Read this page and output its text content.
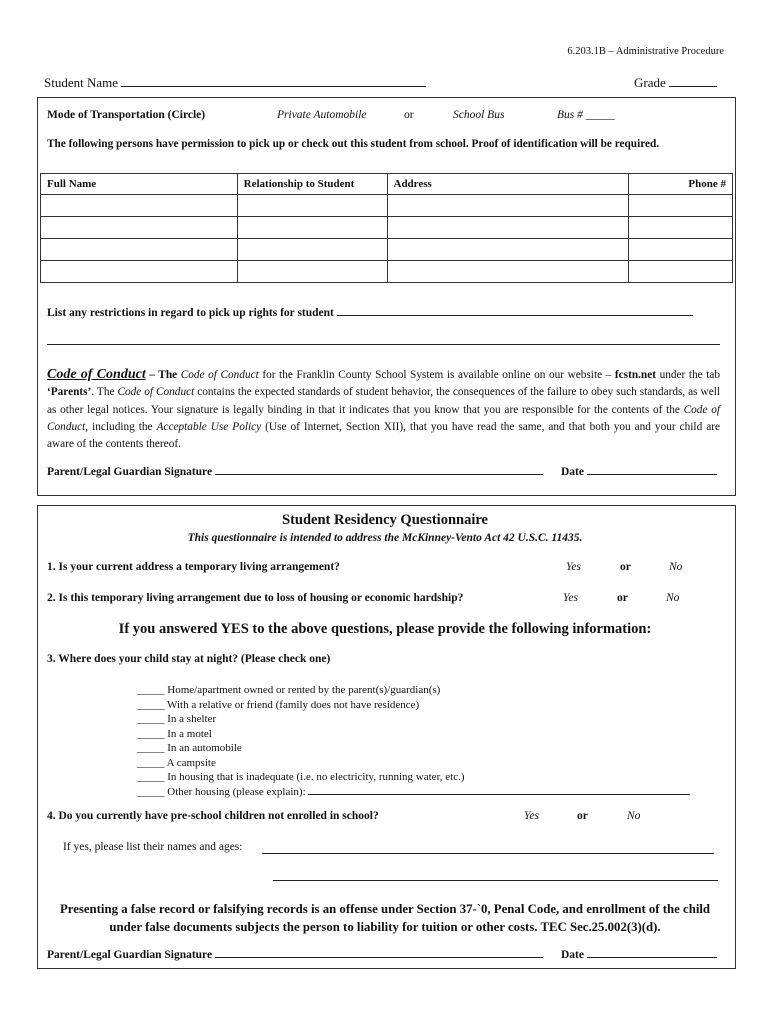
6.203.1B – Administrative Procedure
Student Name	Grade
Mode of Transportation (Circle)	Private Automobile	or	School Bus	Bus # _____
The following persons have permission to pick up or check out this student from school. Proof of identification will be required.
Full Name	Relationship to Student	Address	Phone #

List any restrictions in regard to pick up rights for student
Code of Conduct – The Code of Conduct for the Franklin County School System is available online on our website – fcstn.net under the tab ‘Parents’. The Code of Conduct contains the expected standards of student behavior, the consequences of the failure to obey such standards, as well as other legal notices. Your signature is legally binding in that it indicates that you know that you are responsible for the contents of the Code of Conduct, including the Acceptable Use Policy (Use of Internet, Section XII), that you have read the same, and that both you and your child are aware of the contents thereof.
Parent/Legal Guardian Signature	Date
Student Residency Questionnaire
This questionnaire is intended to address the McKinney-Vento Act 42 U.S.C. 11435.
1. Is your current address a temporary living arrangement?	Yes	or	No
2. Is this temporary living arrangement due to loss of housing or economic hardship?	Yes	or	No
If you answered YES to the above questions, please provide the following information:
3. Where does your child stay at night? (Please check one)
_____ Home/apartment owned or rented by the parent(s)/guardian(s)
_____ With a relative or friend (family does not have residence)
_____ In a shelter
_____ In a motel
_____ In an automobile
_____ A campsite
_____ In housing that is inadequate (i.e. no electricity, running water, etc.)
_____ Other housing (please explain):
4. Do you currently have pre-school children not enrolled in school?	Yes	or	No
If yes, please list their names and ages:
Presenting a false record or falsifying records is an offense under Section 37-`0, Penal Code, and enrollment of the child under false documents subjects the person to liability for tuition or other costs. TEC Sec.25.002(3)(d).
Parent/Legal Guardian Signature	Date
